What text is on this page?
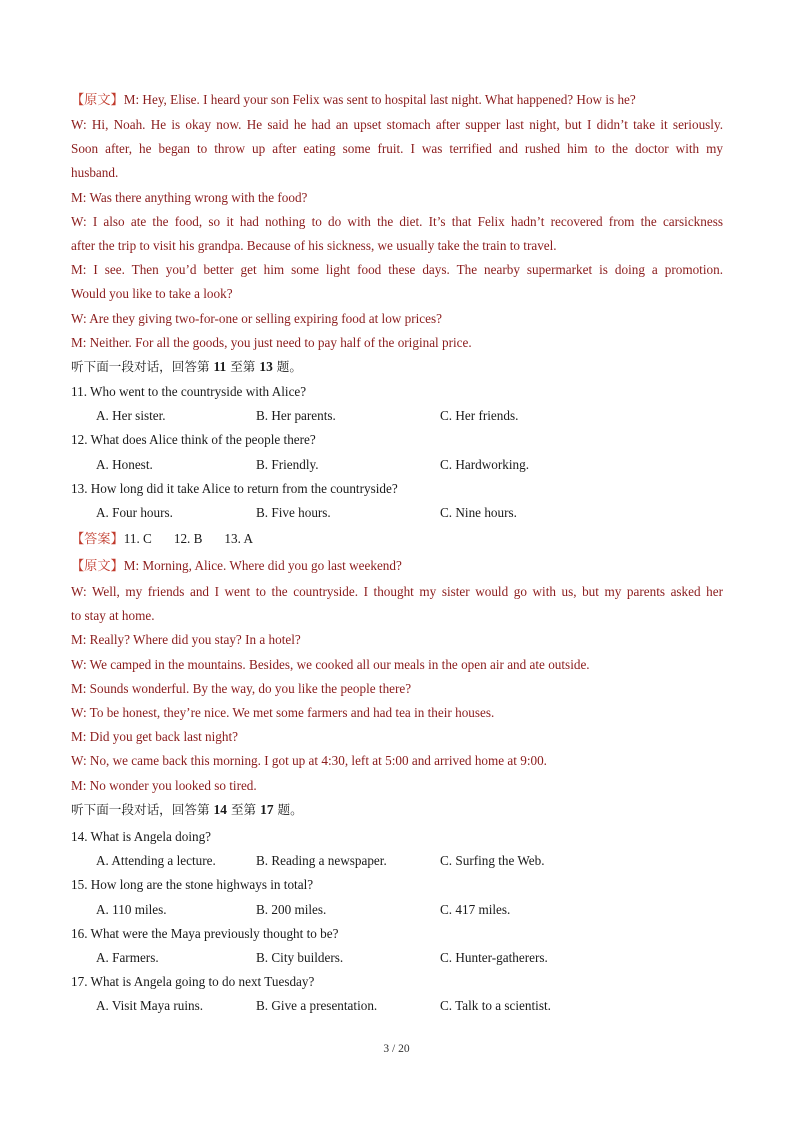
【原文】M: Hey, Elise. I heard your son Felix was sent to hospital last night. What happened? How is he?
W: Hi, Noah. He is okay now. He said he had an upset stomach after supper last night, but I didn’t take it seriously.
Soon after, he began to throw up after eating some fruit. I was terrified and rushed him to the doctor with my
husband.
M: Was there anything wrong with the food?
W: I also ate the food, so it had nothing to do with the diet. It’s that Felix hadn’t recovered from the carsickness
after the trip to visit his grandpa. Because of his sickness, we usually take the train to travel.
M: I see. Then you’d better get him some light food these days. The nearby supermarket is doing a promotion.
Would you like to take a look?
W: Are they giving two-for-one or selling expiring food at low prices?
M: Neither. For all the goods, you just need to pay half of the original price.
听下面一段对话，回答第 11 至第 13 题。
11. Who went to the countryside with Alice?
A. Her sister.	B. Her parents.	C. Her friends.
12. What does Alice think of the people there?
A. Honest.	B. Friendly.	C. Hardworking.
13. How long did it take Alice to return from the countryside?
A. Four hours.	B. Five hours.	C. Nine hours.
【答案】11. C 12. B 13. A
【原文】M: Morning, Alice. Where did you go last weekend?
W: Well, my friends and I went to the countryside. I thought my sister would go with us, but my parents asked her
to stay at home.
M: Really? Where did you stay? In a hotel?
W: We camped in the mountains. Besides, we cooked all our meals in the open air and ate outside.
M: Sounds wonderful. By the way, do you like the people there?
W: To be honest, they’re nice. We met some farmers and had tea in their houses.
M: Did you get back last night?
W: No, we came back this morning. I got up at 4:30, left at 5:00 and arrived home at 9:00.
M: No wonder you looked so tired.
听下面一段对话，回答第 14 至第 17 题。
14. What is Angela doing?
A. Attending a lecture.	B. Reading a newspaper.	C. Surfing the Web.
15. How long are the stone highways in total?
A. 110 miles.	B. 200 miles.	C. 417 miles.
16. What were the Maya previously thought to be?
A. Farmers.	B. City builders.	C. Hunter-gatherers.
17. What is Angela going to do next Tuesday?
A. Visit Maya ruins.	B. Give a presentation.	C. Talk to a scientist.
3 / 20
